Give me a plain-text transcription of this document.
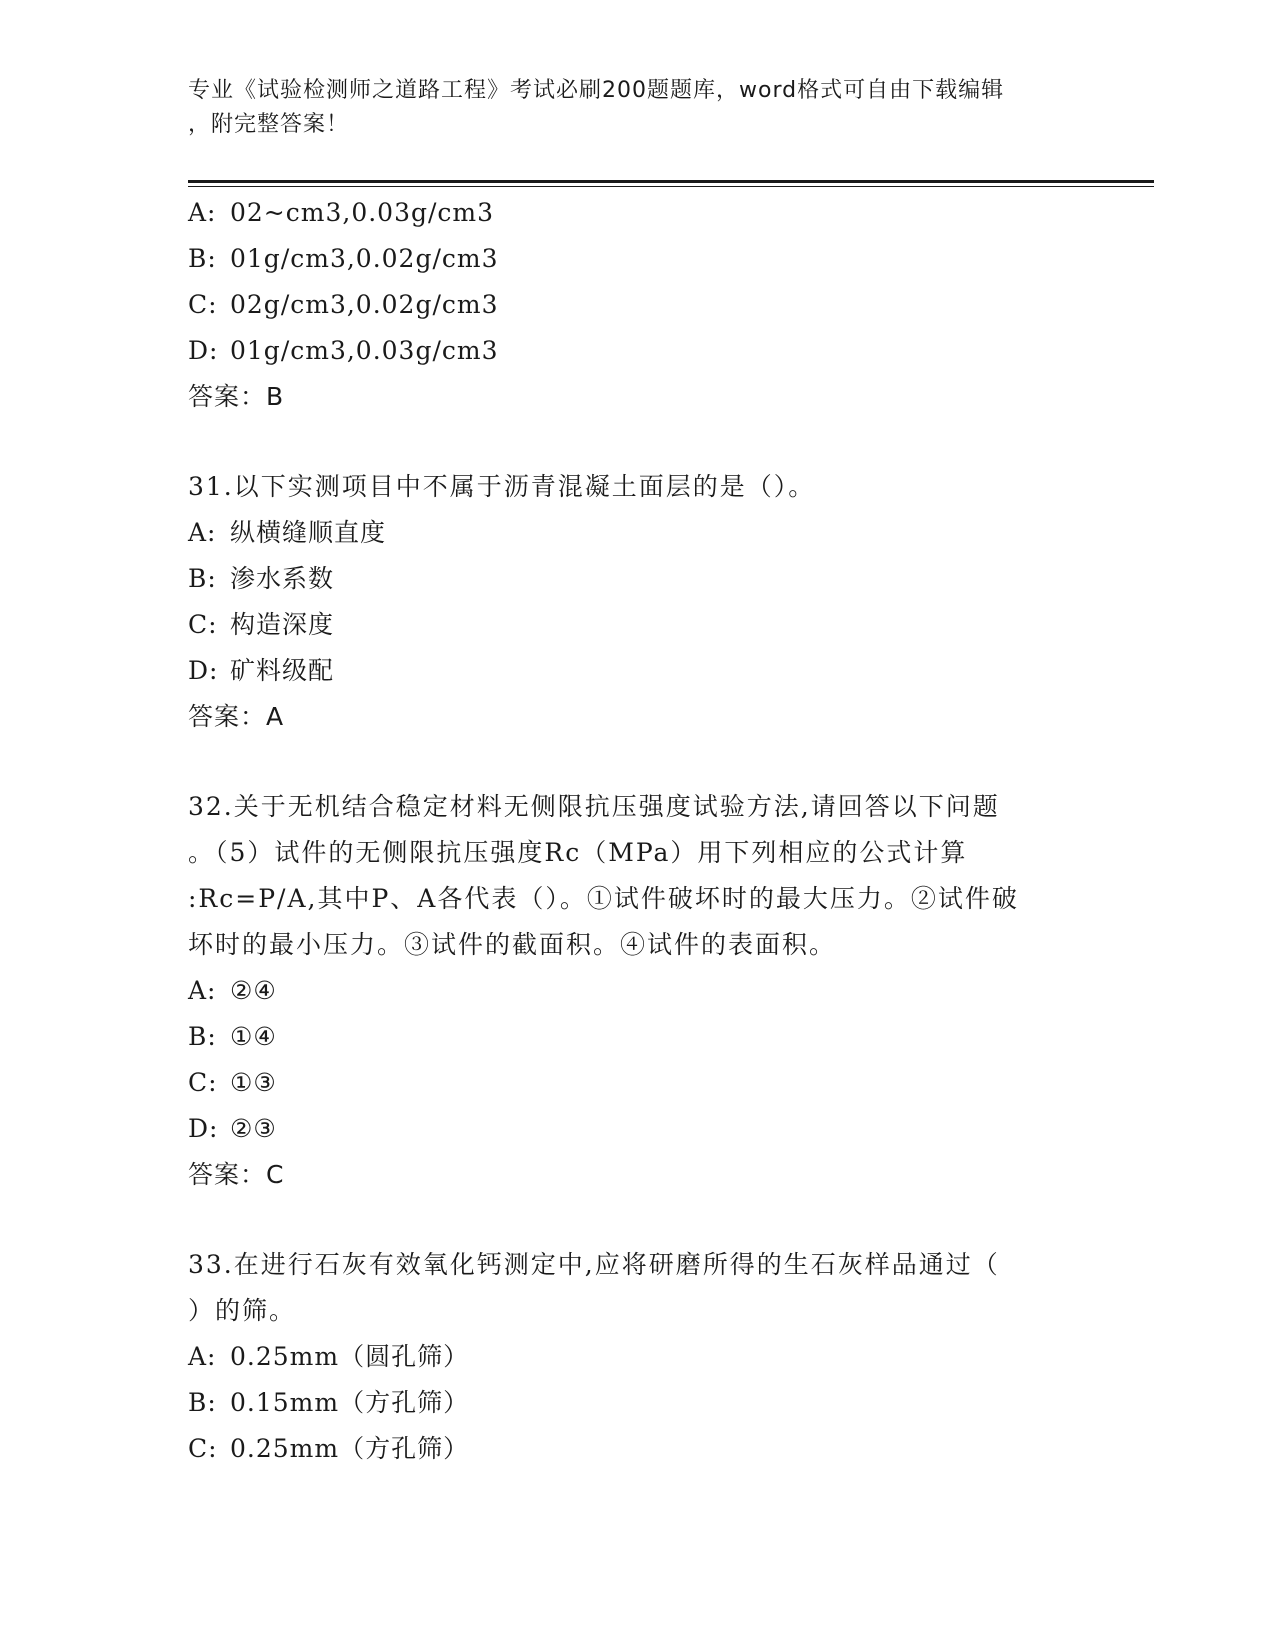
专业《试验检测师之道路工程》考试必刷200题题库，word格式可自由下载编辑
，附完整答案！
A: 02~cm3,0.03g/cm3
B: 01g/cm3,0.02g/cm3
C: 02g/cm3,0.02g/cm3
D: 01g/cm3,0.03g/cm3
答案：B
31.以下实测项目中不属于沥青混凝土面层的是（）。
A: 纵横缝顺直度
B: 渗水系数
C: 构造深度
D: 矿料级配
答案：A
32.关于无机结合稳定材料无侧限抗压强度试验方法,请回答以下问题
。（5）试件的无侧限抗压强度Rc（MPa）用下列相应的公式计算
:Rc=P/A,其中P、A各代表（）。①试件破坏时的最大压力。②试件破
坏时的最小压力。③试件的截面积。④试件的表面积。
A: ②④
B: ①④
C: ①③
D: ②③
答案：C
33.在进行石灰有效氧化钙测定中,应将研磨所得的生石灰样品通过（
）的筛。
A: 0.25mm（圆孔筛）
B: 0.15mm（方孔筛）
C: 0.25mm（方孔筛）
